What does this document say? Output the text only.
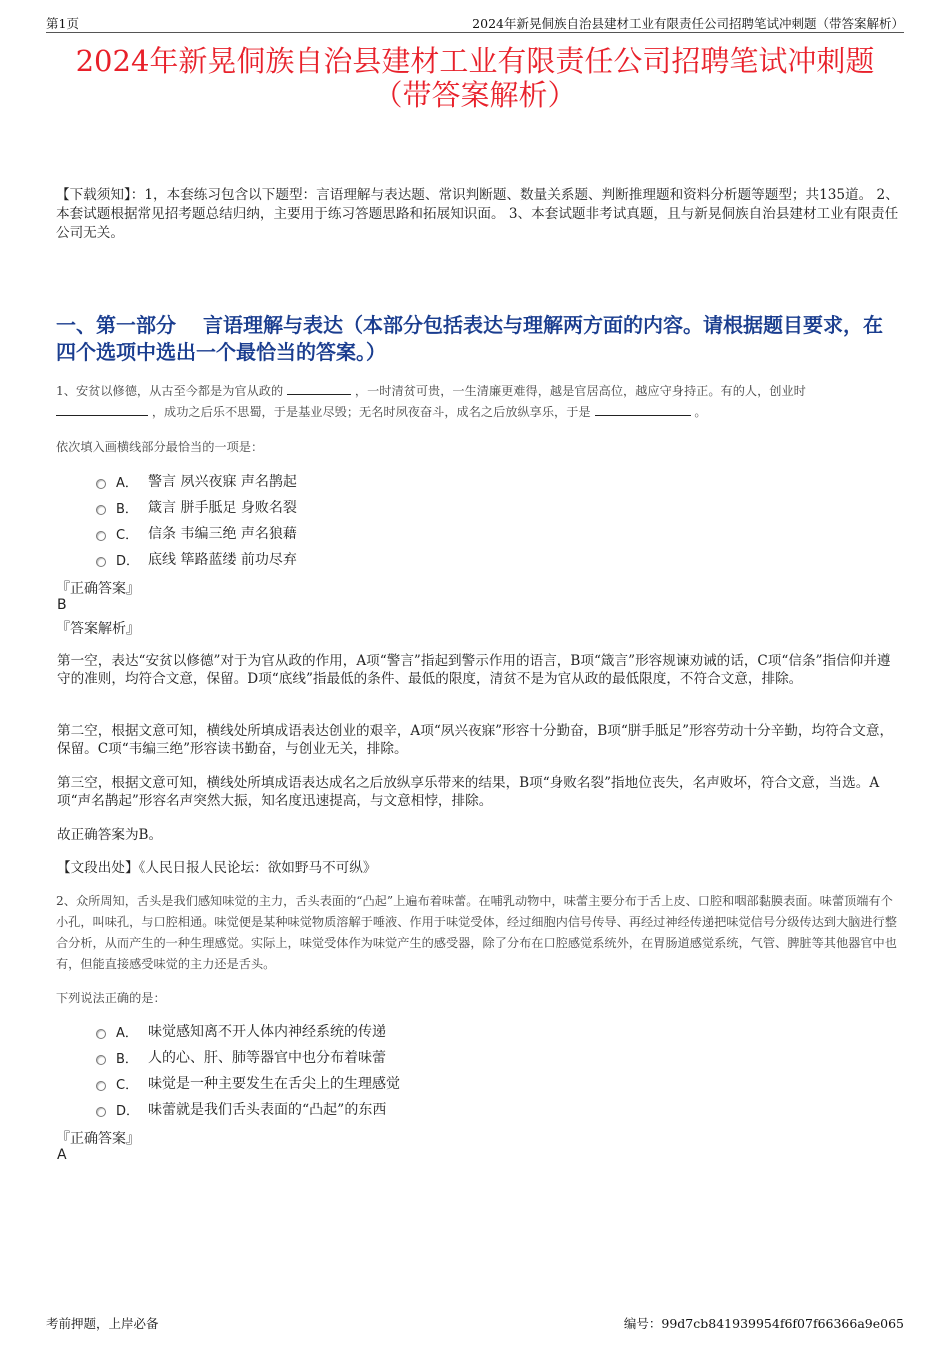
第1页	2024年新晃侗族自治县建材工业有限责任公司招聘笔试冲刺题（带答案解析）
2024年新晃侗族自治县建材工业有限责任公司招聘笔试冲刺题
（带答案解析）

【下载须知】：1，本套练习包含以下题型：言语理解与表达题、常识判断题、数量关系题、判断推理题和资料分析题等题型；共135道。 2、本套试题根据常见招考题总结归纳，主要用于练习答题思路和拓展知识面。 3、本套试题非考试真题，且与新晃侗族自治县建材工业有限责任公司无关。

一、第一部分　 言语理解与表达（本部分包括表达与理解两方面的内容。请根据题目要求，在四个选项中选出一个最恰当的答案。）

1、安贫以修德，从古至今都是为官从政的	，一时清贫可贵，一生清廉更难得，越是官居高位，越应守身持正。有的人，创业时  ，成功之后乐不思蜀，于是基业尽毁；无名时夙夜奋斗，成名之后放纵享乐，于是	。

依次填入画横线部分最恰当的一项是：

A． 警言 夙兴夜寐 声名鹊起
B． 箴言 胼手胝足 身败名裂
C． 信条 韦编三绝 声名狼藉
D． 底线 筚路蓝缕 前功尽弃

『正确答案』

B

『答案解析』

第一空，表达“安贫以修德”对于为官从政的作用，A项“警言”指起到警示作用的语言，B项“箴言”形容规谏劝诫的话，C项“信条”指信仰并遵守的准则，均符合文意，保留。D项“底线”指最低的条件、最低的限度，清贫不是为官从政的最低限度，不符合文意，排除。

第二空，根据文意可知，横线处所填成语表达创业的艰辛，A项“夙兴夜寐”形容十分勤奋，B项“胼手胝足”形容劳动十分辛勤，均符合文意，保留。C项“韦编三绝”形容读书勤奋，与创业无关，排除。

第三空，根据文意可知，横线处所填成语表达成名之后放纵享乐带来的结果，B项“身败名裂”指地位丧失，名声败坏，符合文意，当选。A项“声名鹊起”形容名声突然大振，知名度迅速提高，与文意相悖，排除。

故正确答案为B。

【文段出处】《人民日报人民论坛：欲如野马不可纵》

2、众所周知，舌头是我们感知味觉的主力，舌头表面的“凸起”上遍布着味蕾。在哺乳动物中，味蕾主要分布于舌上皮、口腔和咽部黏膜表面。味蕾顶端有个小孔，叫味孔，与口腔相通。味觉便是某种味觉物质溶解于唾液、作用于味觉受体，经过细胞内信号传导、再经过神经传递把味觉信号分级传达到大脑进行整合分析，从而产生的一种生理感觉。实际上，味觉受体作为味觉产生的感受器，除了分布在口腔感觉系统外，在胃肠道感觉系统，气管、脾脏等其他器官中也有，但能直接感受味觉的主力还是舌头。

下列说法正确的是：

A． 味觉感知离不开人体内神经系统的传递
B． 人的心、肝、肺等器官中也分布着味蕾
C． 味觉是一种主要发生在舌尖上的生理感觉
D． 味蕾就是我们舌头表面的“凸起”的东西

『正确答案』

A

考前押题，上岸必备	编号：99d7cb841939954f6f07f66366a9e065
